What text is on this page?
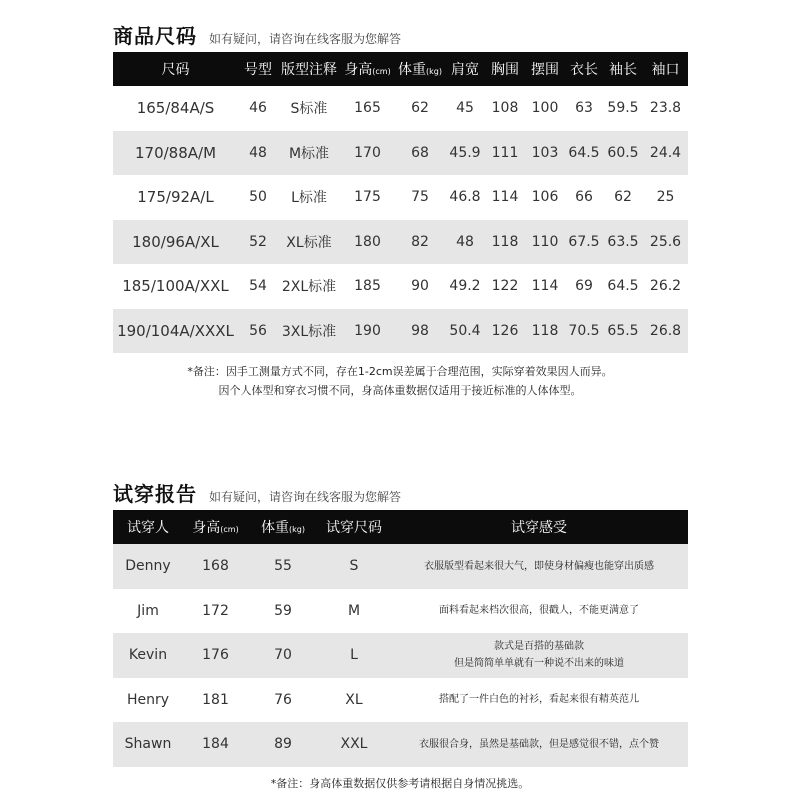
商品尺码 如有疑问，请咨询在线客服为您解答
尺码	号型	版型注释	身高(cm)	体重(kg)	肩宽	胸围	摆围	衣长	袖长	袖口
165/84A/S	46	S标准	165	62	45	108	100	63	59.5	23.8
170/88A/M	48	M标准	170	68	45.9	111	103	64.5	60.5	24.4
175/92A/L	50	L标准	175	75	46.8	114	106	66	62	25
180/96A/XL	52	XL标准	180	82	48	118	110	67.5	63.5	25.6
185/100A/XXL	54	2XL标准	185	90	49.2	122	114	69	64.5	26.2
190/104A/XXXL	56	3XL标准	190	98	50.4	126	118	70.5	65.5	26.8
*备注：因手工测量方式不同，存在1-2cm误差属于合理范围，实际穿着效果因人而异。
因个人体型和穿衣习惯不同，身高体重数据仅适用于接近标准的人体体型。
试穿报告 如有疑问，请咨询在线客服为您解答
试穿人	身高(cm)	体重(kg)	试穿尺码	试穿感受
Denny	168	55	S	衣服版型看起来很大气，即使身材偏瘦也能穿出质感

Jim	172	59	M	面料看起来档次很高，很戳人，不能更满意了

Kevin	176	70	L	款式是百搭的基础款
但是简简单单就有一种说不出来的味道

Henry	181	76	XL	搭配了一件白色的衬衫，看起来很有精英范儿

Shawn	184	89	XXL	衣服很合身，虽然是基础款，但是感觉很不错，点个赞
*备注：身高体重数据仅供参考请根据自身情况挑选。
